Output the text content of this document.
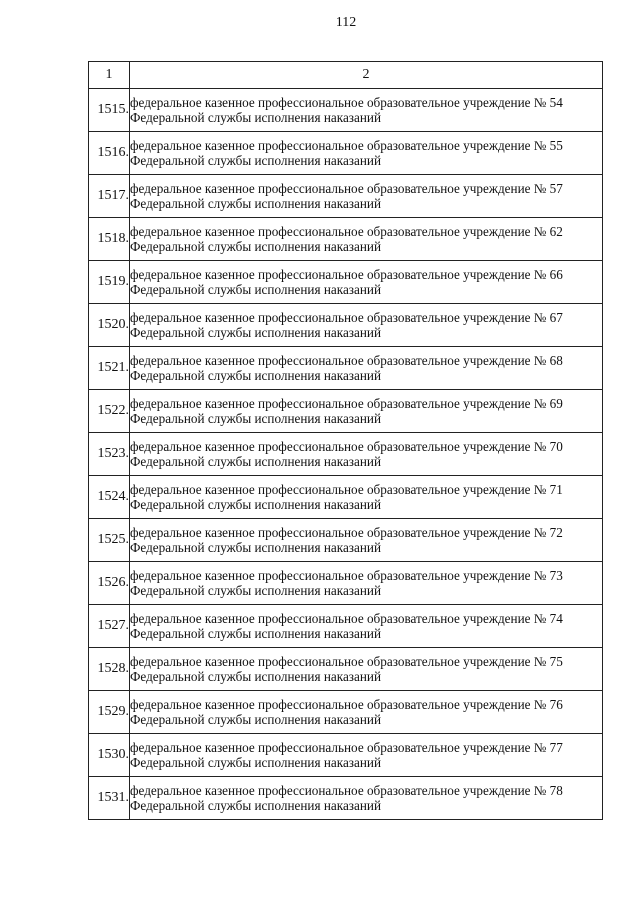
112
1	2
1515.	федеральное казенное профессиональное образовательное учреждение № 54
Федеральной службы исполнения наказаний

1516.	федеральное казенное профессиональное образовательное учреждение № 55
Федеральной службы исполнения наказаний

1517.	федеральное казенное профессиональное образовательное учреждение № 57
Федеральной службы исполнения наказаний

1518.	федеральное казенное профессиональное образовательное учреждение № 62
Федеральной службы исполнения наказаний

1519.	федеральное казенное профессиональное образовательное учреждение № 66
Федеральной службы исполнения наказаний

1520.	федеральное казенное профессиональное образовательное учреждение № 67
Федеральной службы исполнения наказаний

1521.	федеральное казенное профессиональное образовательное учреждение № 68
Федеральной службы исполнения наказаний

1522.	федеральное казенное профессиональное образовательное учреждение № 69
Федеральной службы исполнения наказаний

1523.	федеральное казенное профессиональное образовательное учреждение № 70
Федеральной службы исполнения наказаний

1524.	федеральное казенное профессиональное образовательное учреждение № 71
Федеральной службы исполнения наказаний

1525.	федеральное казенное профессиональное образовательное учреждение № 72
Федеральной службы исполнения наказаний

1526.	федеральное казенное профессиональное образовательное учреждение № 73
Федеральной службы исполнения наказаний

1527.	федеральное казенное профессиональное образовательное учреждение № 74
Федеральной службы исполнения наказаний

1528.	федеральное казенное профессиональное образовательное учреждение № 75
Федеральной службы исполнения наказаний

1529.	федеральное казенное профессиональное образовательное учреждение № 76
Федеральной службы исполнения наказаний

1530.	федеральное казенное профессиональное образовательное учреждение № 77
Федеральной службы исполнения наказаний

1531.	федеральное казенное профессиональное образовательное учреждение № 78
Федеральной службы исполнения наказаний
